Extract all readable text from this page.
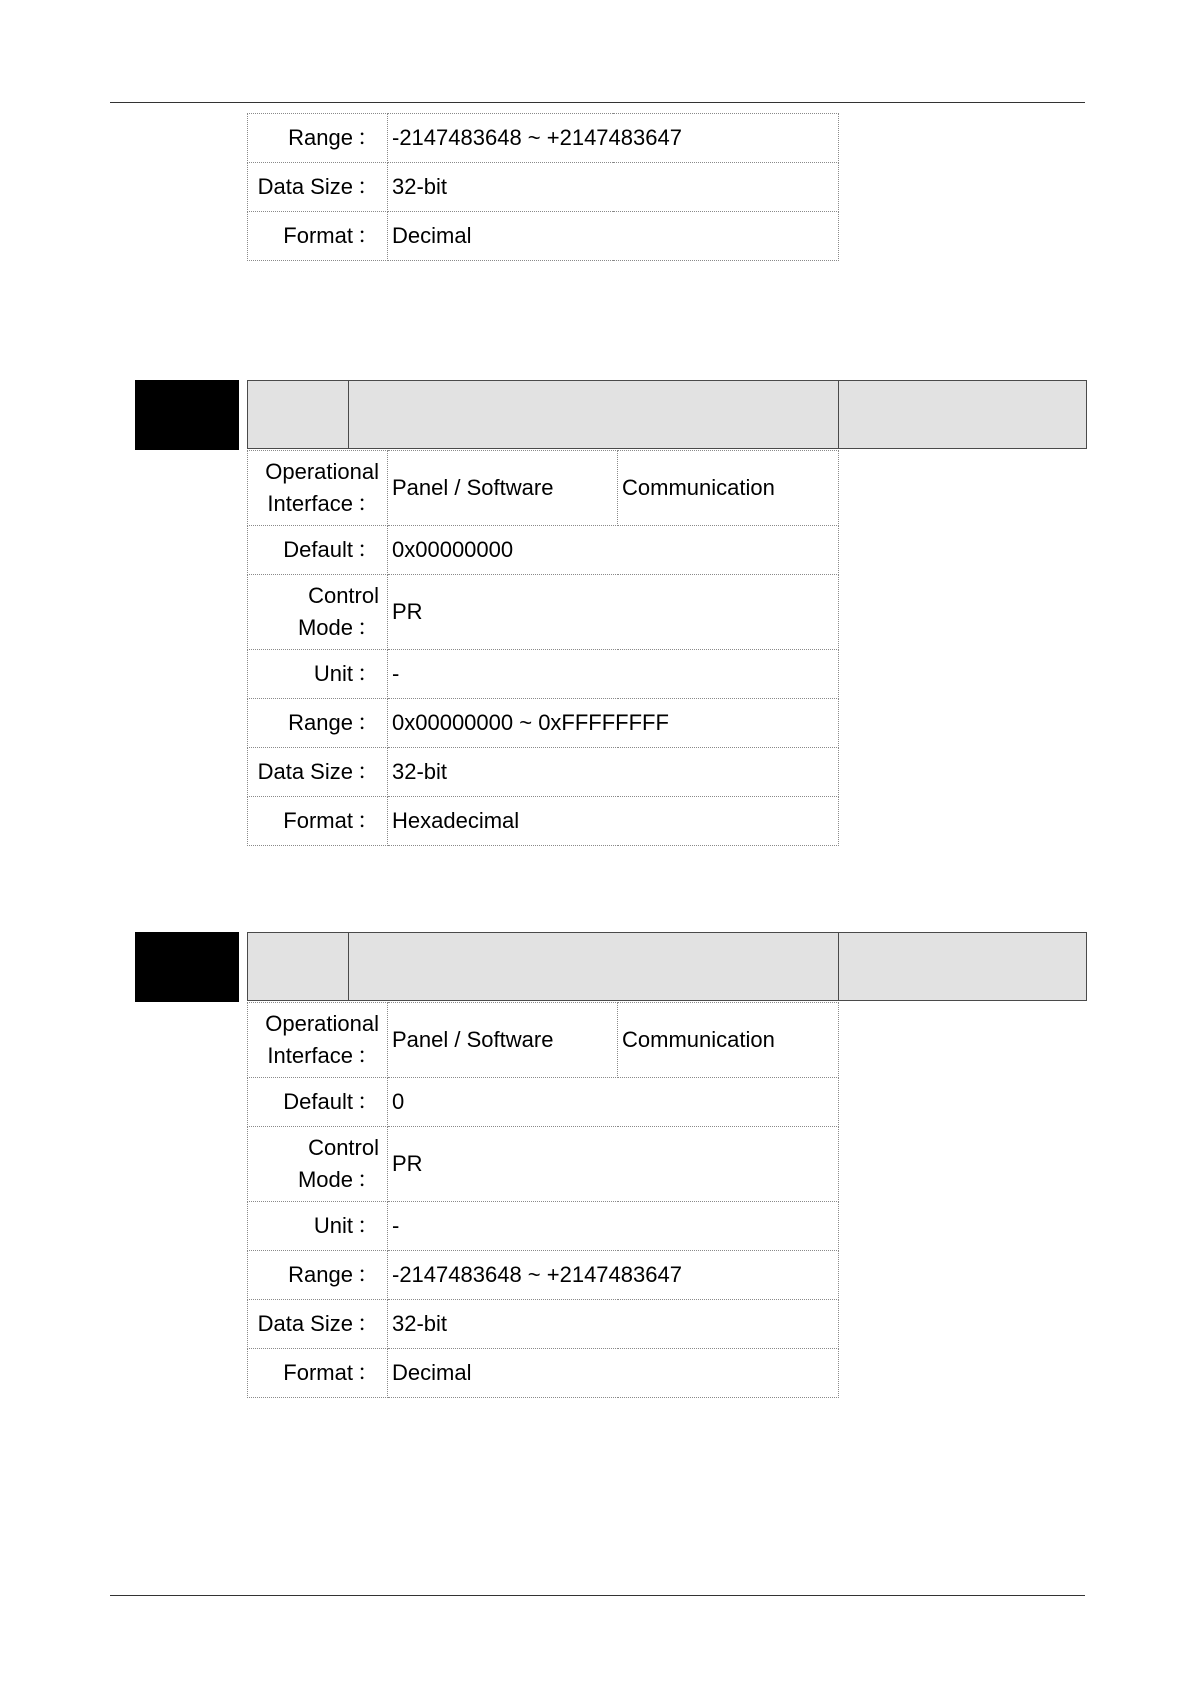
Range ：	-2147483648 ~ +2147483647
Data Size ：	32-bit
Format ：	Decimal
Operational
Interface ：	Panel / Software	Communication
Default ：	0x00000000	
Control
Mode ：	PR	
Unit ：	-	
Range ：	0x00000000 ~ 0xFFFFFFFF	
Data Size ：	32-bit	
Format ：	Hexadecimal	
Operational
Interface ：	Panel / Software	Communication
Default ：	0	
Control
Mode ：	PR	
Unit ：	-	
Range ：	-2147483648 ~ +2147483647	
Data Size ：	32-bit	
Format ：	Decimal	
